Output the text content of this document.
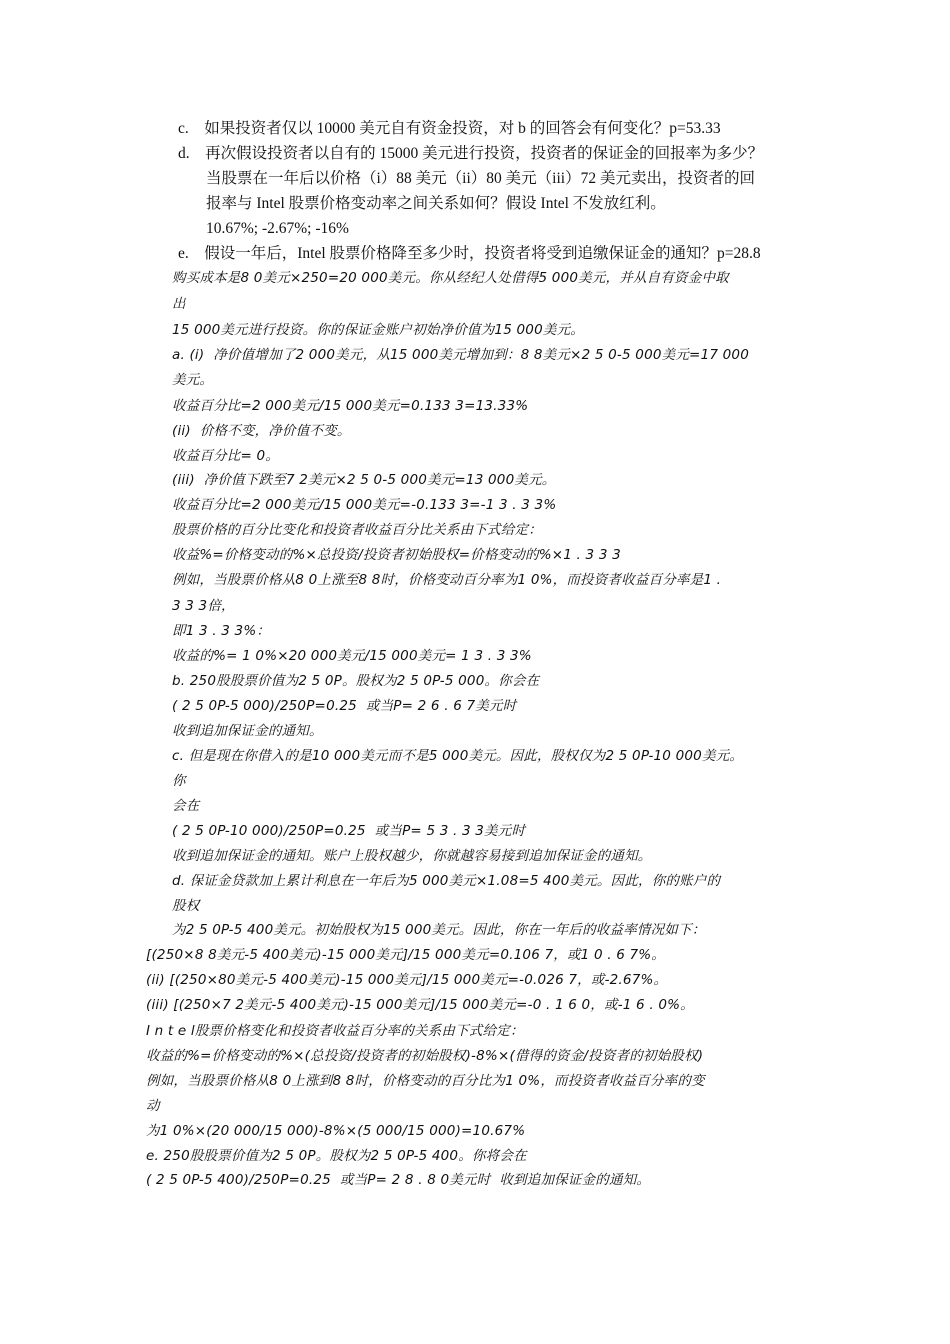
c.　如果投资者仅以 10000 美元自有资金投资，对 b 的回答会有何变化？p=53.33
d.　再次假设投资者以自有的 15000 美元进行投资，投资者的保证金的回报率为多少？
当股票在一年后以价格（i）88 美元（ii）80 美元（iii）72 美元卖出，投资者的回
报率与 Intel 股票价格变动率之间关系如何？假设 Intel 不发放红利。
10.67%; -2.67%; -16%
e.　假设一年后，Intel 股票价格降至多少时，投资者将受到追缴保证金的通知？p=28.8
购买成本是8 0美元×250=20 000美元。你从经纪人处借得5 000美元，并从自有资金中取
出
15 000美元进行投资。你的保证金账户初始净价值为15 000美元。
a. (i)  净价值增加了2 000美元，从15 000美元增加到：8 8美元×2 5 0-5 000美元=17 000
美元。
收益百分比=2 000美元/15 000美元=0.133 3=13.33%
(ii)  价格不变，净价值不变。
收益百分比= 0。
(iii)  净价值下跌至7 2美元×2 5 0-5 000美元=13 000美元。
收益百分比=2 000美元/15 000美元=-0.133 3=-1 3 . 3 3%
股票价格的百分比变化和投资者收益百分比关系由下式给定：
收益%=价格变动的%×总投资/投资者初始股权=价格变动的%×1 . 3 3 3
例如，当股票价格从8 0上涨至8 8时，价格变动百分率为1 0%，而投资者收益百分率是1 .
3 3 3倍，
即1 3 . 3 3%：
收益的%= 1 0%×20 000美元/15 000美元= 1 3 . 3 3%
b. 250股股票价值为2 5 0P。股权为2 5 0P-5 000。你会在
( 2 5 0P-5 000)/250P=0.25  或当P= 2 6 . 6 7美元时
收到追加保证金的通知。
c. 但是现在你借入的是10 000美元而不是5 000美元。因此，股权仅为2 5 0P-10 000美元。
你
会在
( 2 5 0P-10 000)/250P=0.25  或当P= 5 3 . 3 3美元时
收到追加保证金的通知。账户上股权越少，你就越容易接到追加保证金的通知。
d. 保证金贷款加上累计利息在一年后为5 000美元×1.08=5 400美元。因此，你的账户的
股权
为2 5 0P-5 400美元。初始股权为15 000美元。因此，你在一年后的收益率情况如下：
[(250×8 8美元-5 400美元)-15 000美元]/15 000美元=0.106 7，或1 0 . 6 7%。
(ii) [(250×80美元-5 400美元)-15 000美元]/15 000美元=-0.026 7，或-2.67%。
(iii) [(250×7 2美元-5 400美元)-15 000美元]/15 000美元=-0 . 1 6 0，或-1 6 . 0%。
I n t e l股票价格变化和投资者收益百分率的关系由下式给定：
收益的%=价格变动的%×(总投资/投资者的初始股权)-8%×(借得的资金/投资者的初始股权)
例如，当股票价格从8 0上涨到8 8时，价格变动的百分比为1 0%，而投资者收益百分率的变
动
为1 0%×(20 000/15 000)-8%×(5 000/15 000)=10.67%
e. 250股股票价值为2 5 0P。股权为2 5 0P-5 400。你将会在
( 2 5 0P-5 400)/250P=0.25  或当P= 2 8 . 8 0美元时  收到追加保证金的通知。
